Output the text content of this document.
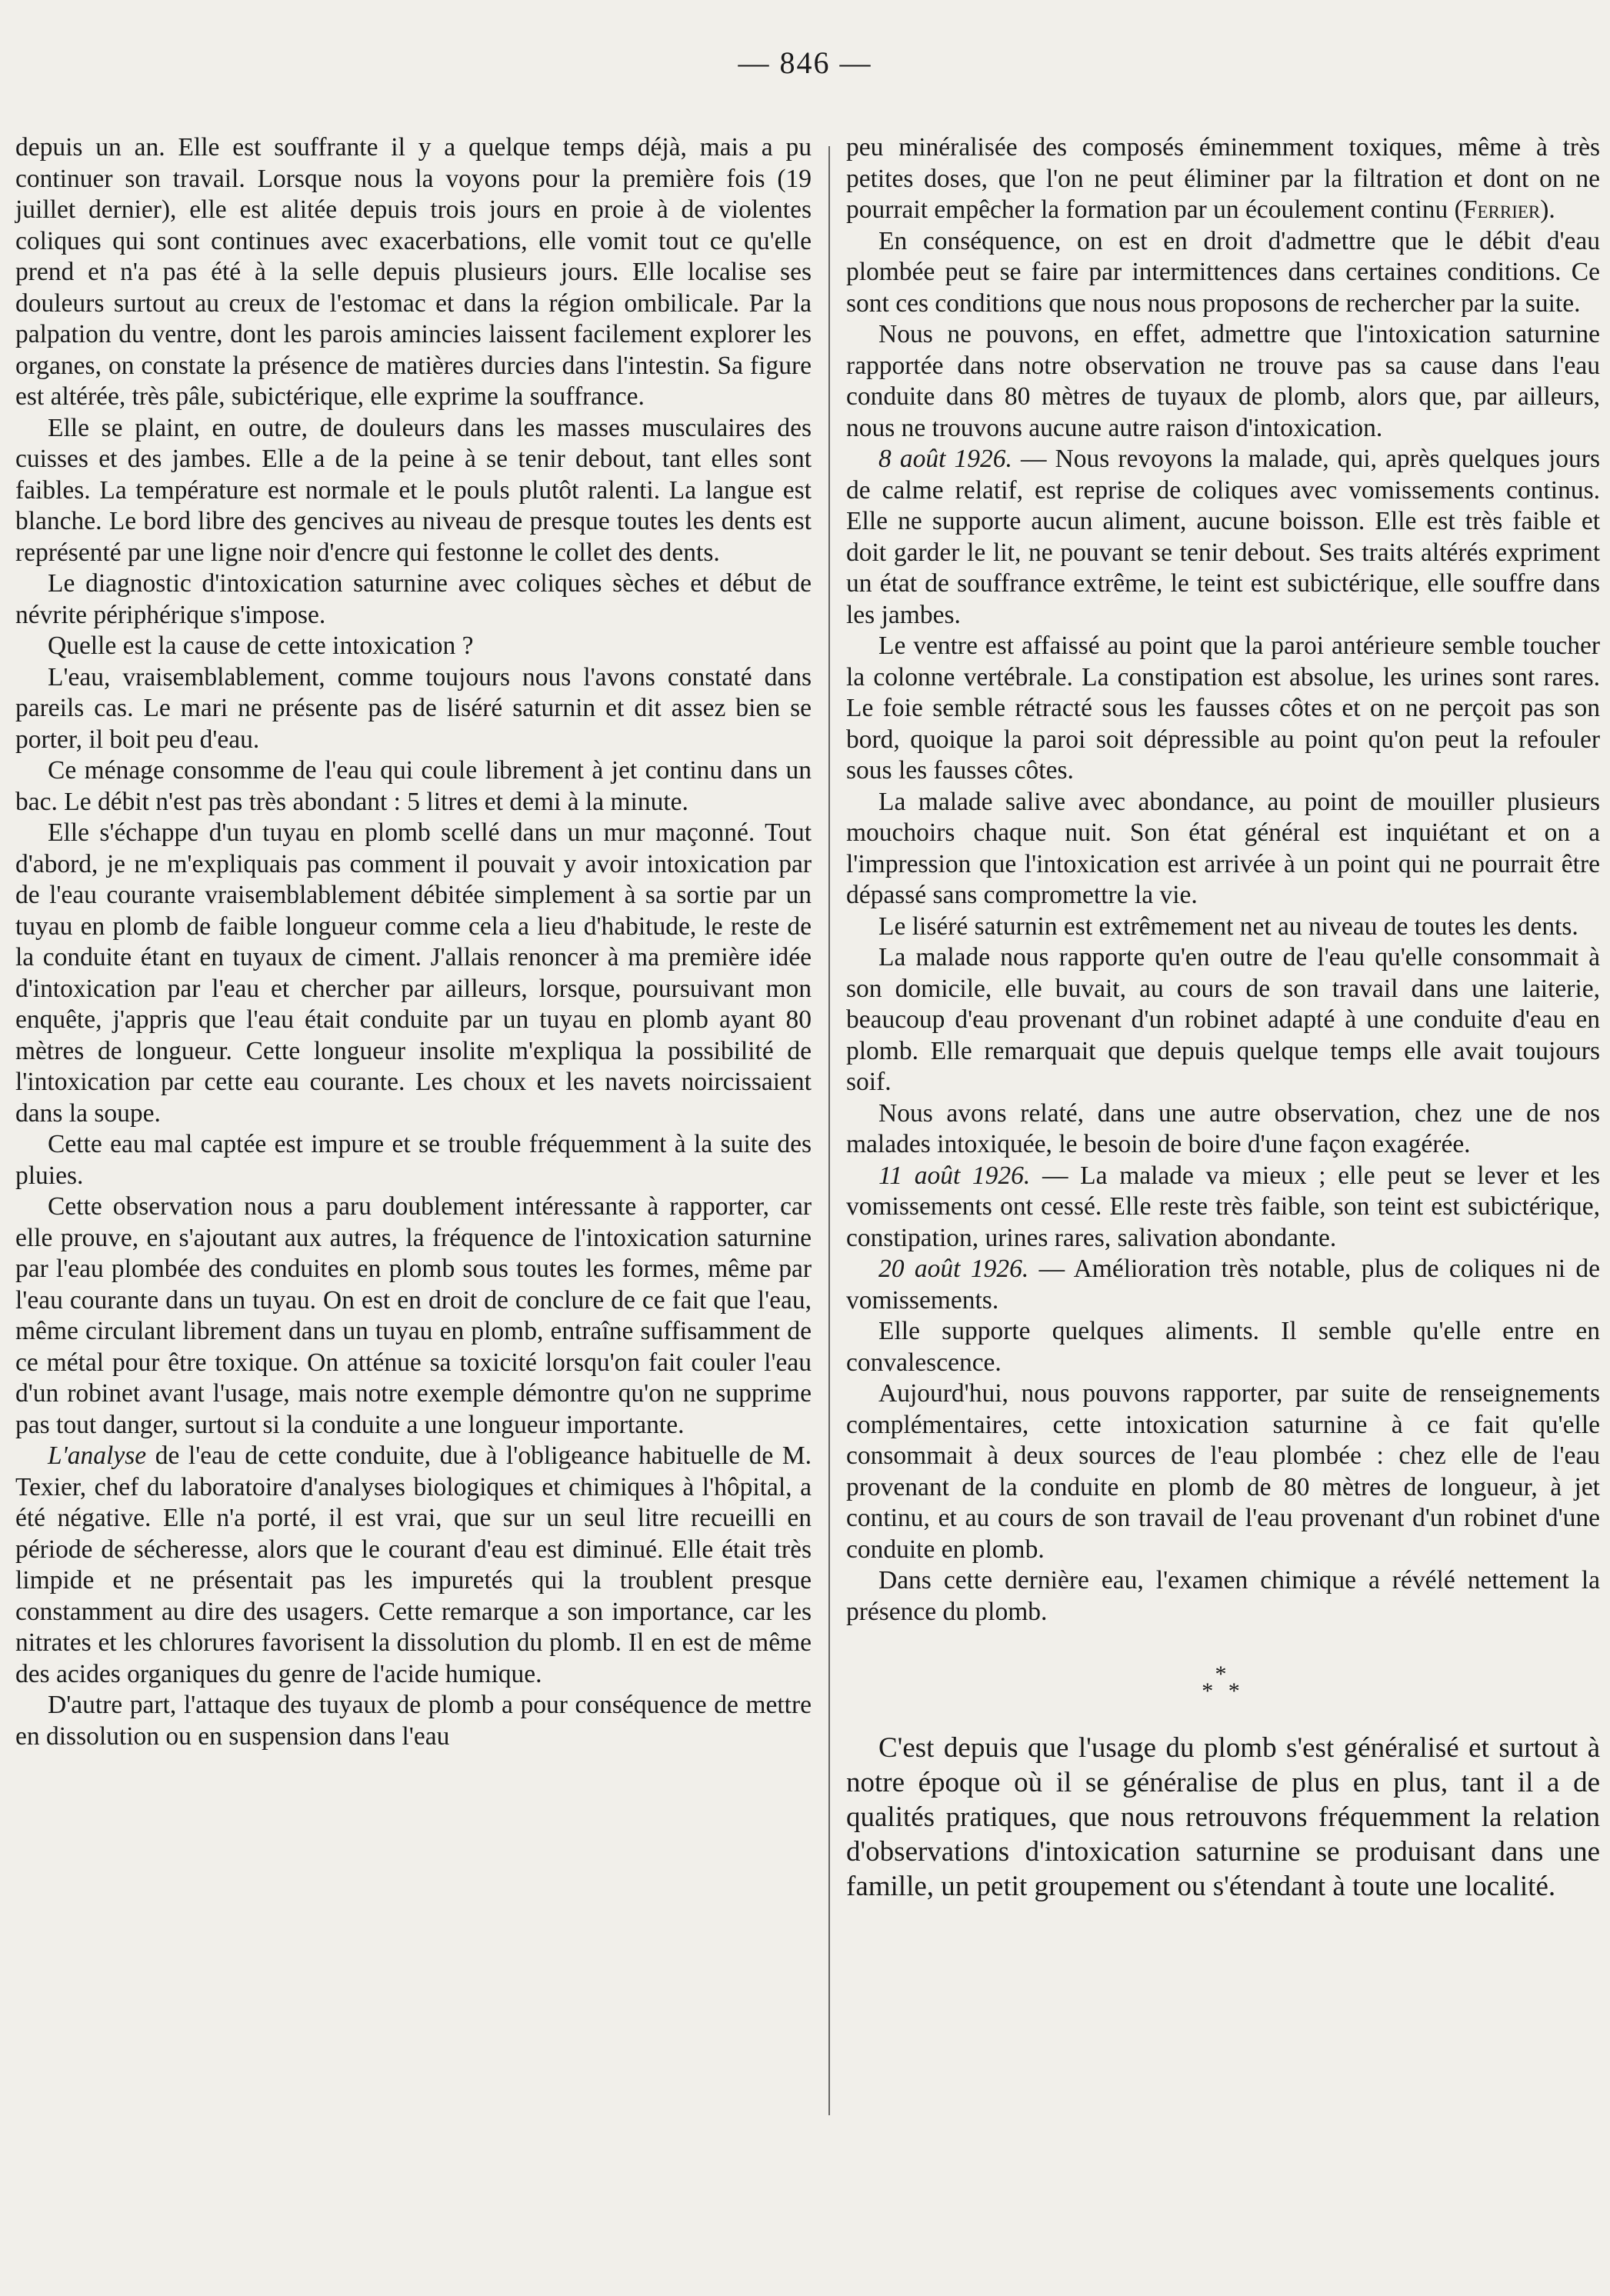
— 846 —

depuis un an. Elle est souffrante il y a quelque temps déjà, mais a pu continuer son travail. Lorsque nous la voyons pour la première fois (19 juillet dernier), elle est alitée depuis trois jours en proie à de violentes coliques qui sont continues avec exacerbations, elle vomit tout ce qu'elle prend et n'a pas été à la selle depuis plusieurs jours. Elle localise ses douleurs surtout au creux de l'estomac et dans la région ombilicale. Par la palpation du ventre, dont les parois amincies laissent facilement explorer les organes, on constate la présence de matières durcies dans l'intestin. Sa figure est altérée, très pâle, subictérique, elle exprime la souffrance.

Elle se plaint, en outre, de douleurs dans les masses musculaires des cuisses et des jambes. Elle a de la peine à se tenir debout, tant elles sont faibles. La température est normale et le pouls plutôt ralenti. La langue est blanche. Le bord libre des gencives au niveau de presque toutes les dents est représenté par une ligne noir d'encre qui festonne le collet des dents.

Le diagnostic d'intoxication saturnine avec coliques sèches et début de névrite périphérique s'impose.

Quelle est la cause de cette intoxication ?

L'eau, vraisemblablement, comme toujours nous l'avons constaté dans pareils cas. Le mari ne présente pas de liséré saturnin et dit assez bien se porter, il boit peu d'eau.

Ce ménage consomme de l'eau qui coule librement à jet continu dans un bac. Le débit n'est pas très abondant : 5 litres et demi à la minute.

Elle s'échappe d'un tuyau en plomb scellé dans un mur maçonné. Tout d'abord, je ne m'expliquais pas comment il pouvait y avoir intoxication par de l'eau courante vraisemblablement débitée simplement à sa sortie par un tuyau en plomb de faible longueur comme cela a lieu d'habitude, le reste de la conduite étant en tuyaux de ciment. J'allais renoncer à ma première idée d'intoxication par l'eau et chercher par ailleurs, lorsque, poursuivant mon enquête, j'appris que l'eau était conduite par un tuyau en plomb ayant 80 mètres de longueur. Cette longueur insolite m'expliqua la possibilité de l'intoxication par cette eau courante. Les choux et les navets noircissaient dans la soupe.

Cette eau mal captée est impure et se trouble fréquemment à la suite des pluies.

Cette observation nous a paru doublement intéressante à rapporter, car elle prouve, en s'ajoutant aux autres, la fréquence de l'intoxication saturnine par l'eau plombée des conduites en plomb sous toutes les formes, même par l'eau courante dans un tuyau. On est en droit de conclure de ce fait que l'eau, même circulant librement dans un tuyau en plomb, entraîne suffisamment de ce métal pour être toxique. On atténue sa toxicité lorsqu'on fait couler l'eau d'un robinet avant l'usage, mais notre exemple démontre qu'on ne supprime pas tout danger, surtout si la conduite a une longueur importante.

L'analyse de l'eau de cette conduite, due à l'obligeance habituelle de M. Texier, chef du laboratoire d'analyses biologiques et chimiques à l'hôpital, a été négative. Elle n'a porté, il est vrai, que sur un seul litre recueilli en période de sécheresse, alors que le courant d'eau est diminué. Elle était très limpide et ne présentait pas les impuretés qui la troublent presque constamment au dire des usagers. Cette remarque a son importance, car les nitrates et les chlorures favorisent la dissolution du plomb. Il en est de même des acides organiques du genre de l'acide humique.

D'autre part, l'attaque des tuyaux de plomb a pour conséquence de mettre en dissolution ou en suspension dans l'eau

peu minéralisée des composés éminemment toxiques, même à très petites doses, que l'on ne peut éliminer par la filtration et dont on ne pourrait empêcher la formation par un écoulement continu (Ferrier).

En conséquence, on est en droit d'admettre que le débit d'eau plombée peut se faire par intermittences dans certaines conditions. Ce sont ces conditions que nous nous proposons de rechercher par la suite.

Nous ne pouvons, en effet, admettre que l'intoxication saturnine rapportée dans notre observation ne trouve pas sa cause dans l'eau conduite dans 80 mètres de tuyaux de plomb, alors que, par ailleurs, nous ne trouvons aucune autre raison d'intoxication.

8 août 1926. — Nous revoyons la malade, qui, après quelques jours de calme relatif, est reprise de coliques avec vomissements continus. Elle ne supporte aucun aliment, aucune boisson. Elle est très faible et doit garder le lit, ne pouvant se tenir debout. Ses traits altérés expriment un état de souffrance extrême, le teint est subictérique, elle souffre dans les jambes.

Le ventre est affaissé au point que la paroi antérieure semble toucher la colonne vertébrale. La constipation est absolue, les urines sont rares. Le foie semble rétracté sous les fausses côtes et on ne perçoit pas son bord, quoique la paroi soit dépressible au point qu'on peut la refouler sous les fausses côtes.

La malade salive avec abondance, au point de mouiller plusieurs mouchoirs chaque nuit. Son état général est inquiétant et on a l'impression que l'intoxication est arrivée à un point qui ne pourrait être dépassé sans compromettre la vie.

Le liséré saturnin est extrêmement net au niveau de toutes les dents.

La malade nous rapporte qu'en outre de l'eau qu'elle consommait à son domicile, elle buvait, au cours de son travail dans une laiterie, beaucoup d'eau provenant d'un robinet adapté à une conduite d'eau en plomb. Elle remarquait que depuis quelque temps elle avait toujours soif.

Nous avons relaté, dans une autre observation, chez une de nos malades intoxiquée, le besoin de boire d'une façon exagérée.

11 août 1926. — La malade va mieux ; elle peut se lever et les vomissements ont cessé. Elle reste très faible, son teint est subictérique, constipation, urines rares, salivation abondante.

20 août 1926. — Amélioration très notable, plus de coliques ni de vomissements.

Elle supporte quelques aliments. Il semble qu'elle entre en convalescence.

Aujourd'hui, nous pouvons rapporter, par suite de renseignements complémentaires, cette intoxication saturnine à ce fait qu'elle consommait à deux sources de l'eau plombée : chez elle de l'eau provenant de la conduite en plomb de 80 mètres de longueur, à jet continu, et au cours de son travail de l'eau provenant d'un robinet d'une conduite en plomb.

Dans cette dernière eau, l'examen chimique a révélé nettement la présence du plomb.

*
* *

C'est depuis que l'usage du plomb s'est généralisé et surtout à notre époque où il se généralise de plus en plus, tant il a de qualités pratiques, que nous retrouvons fréquemment la relation d'observations d'intoxication saturnine se produisant dans une famille, un petit groupement ou s'étendant à toute une localité.
